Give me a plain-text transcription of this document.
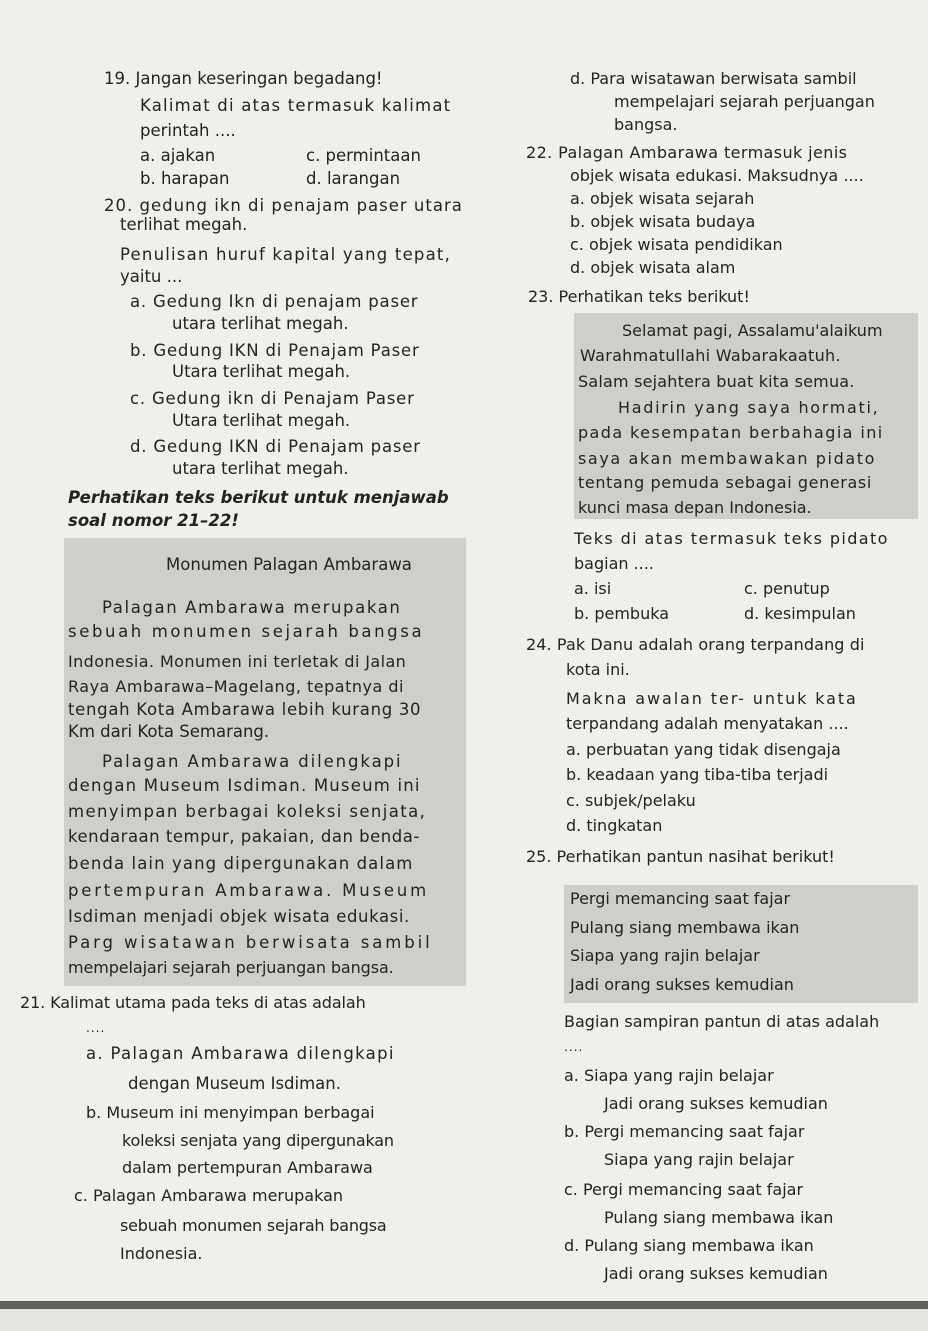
19. Jangan keseringan begadang!
Kalimat di atas termasuk kalimat
perintah ....
a. ajakan	c. permintaan
b. harapan	d. larangan
20. gedung ikn di penajam paser utara
terlihat megah.
Penulisan huruf kapital yang tepat,
yaitu ...
a. Gedung Ikn di penajam paser
utara terlihat megah.
b. Gedung IKN di Penajam Paser
Utara terlihat megah.
c. Gedung ikn di Penajam Paser
Utara terlihat megah.
d. Gedung IKN di Penajam paser
utara terlihat megah.
Perhatikan teks berikut untuk menjawab
soal nomor 21–22!
Monumen Palagan Ambarawa
Palagan Ambarawa merupakan
sebuah monumen sejarah bangsa
Indonesia. Monumen ini terletak di Jalan
Raya Ambarawa–Magelang, tepatnya di
tengah Kota Ambarawa lebih kurang 30
Km dari Kota Semarang.
Palagan Ambarawa dilengkapi
dengan Museum Isdiman. Museum ini
menyimpan berbagai koleksi senjata,
kendaraan tempur, pakaian, dan benda-
benda lain yang dipergunakan dalam
pertempuran Ambarawa. Museum
Isdiman menjadi objek wisata edukasi.
Parg wisatawan berwisata sambil
mempelajari sejarah perjuangan bangsa.
21. Kalimat utama pada teks di atas adalah
....
a. Palagan Ambarawa dilengkapi
dengan Museum Isdiman.
b. Museum ini menyimpan berbagai
koleksi senjata yang dipergunakan
dalam pertempuran Ambarawa
c. Palagan Ambarawa merupakan
sebuah monumen sejarah bangsa
Indonesia.
d. Para wisatawan berwisata sambil
mempelajari sejarah perjuangan
bangsa.
22. Palagan Ambarawa termasuk jenis
objek wisata edukasi. Maksudnya ....
a. objek wisata sejarah
b. objek wisata budaya
c. objek wisata pendidikan
d. objek wisata alam
23. Perhatikan teks berikut!
Selamat pagi, Assalamu'alaikum
Warahmatullahi Wabarakaatuh.
Salam sejahtera buat kita semua.
Hadirin yang saya hormati,
pada kesempatan berbahagia ini
saya akan membawakan pidato
tentang pemuda sebagai generasi
kunci masa depan Indonesia.
Teks di atas termasuk teks pidato
bagian ....
a. isi	c. penutup
b. pembuka	d. kesimpulan
24. Pak Danu adalah orang terpandang di
kota ini.
Makna awalan ter- untuk kata
terpandang adalah menyatakan ....
a. perbuatan yang tidak disengaja
b. keadaan yang tiba-tiba terjadi
c. subjek/pelaku
d. tingkatan
25. Perhatikan pantun nasihat berikut!
Pergi memancing saat fajar
Pulang siang membawa ikan
Siapa yang rajin belajar
Jadi orang sukses kemudian
Bagian sampiran pantun di atas adalah
....
a. Siapa yang rajin belajar
Jadi orang sukses kemudian
b. Pergi memancing saat fajar
Siapa yang rajin belajar
c. Pergi memancing saat fajar
Pulang siang membawa ikan
d. Pulang siang membawa ikan
Jadi orang sukses kemudian
